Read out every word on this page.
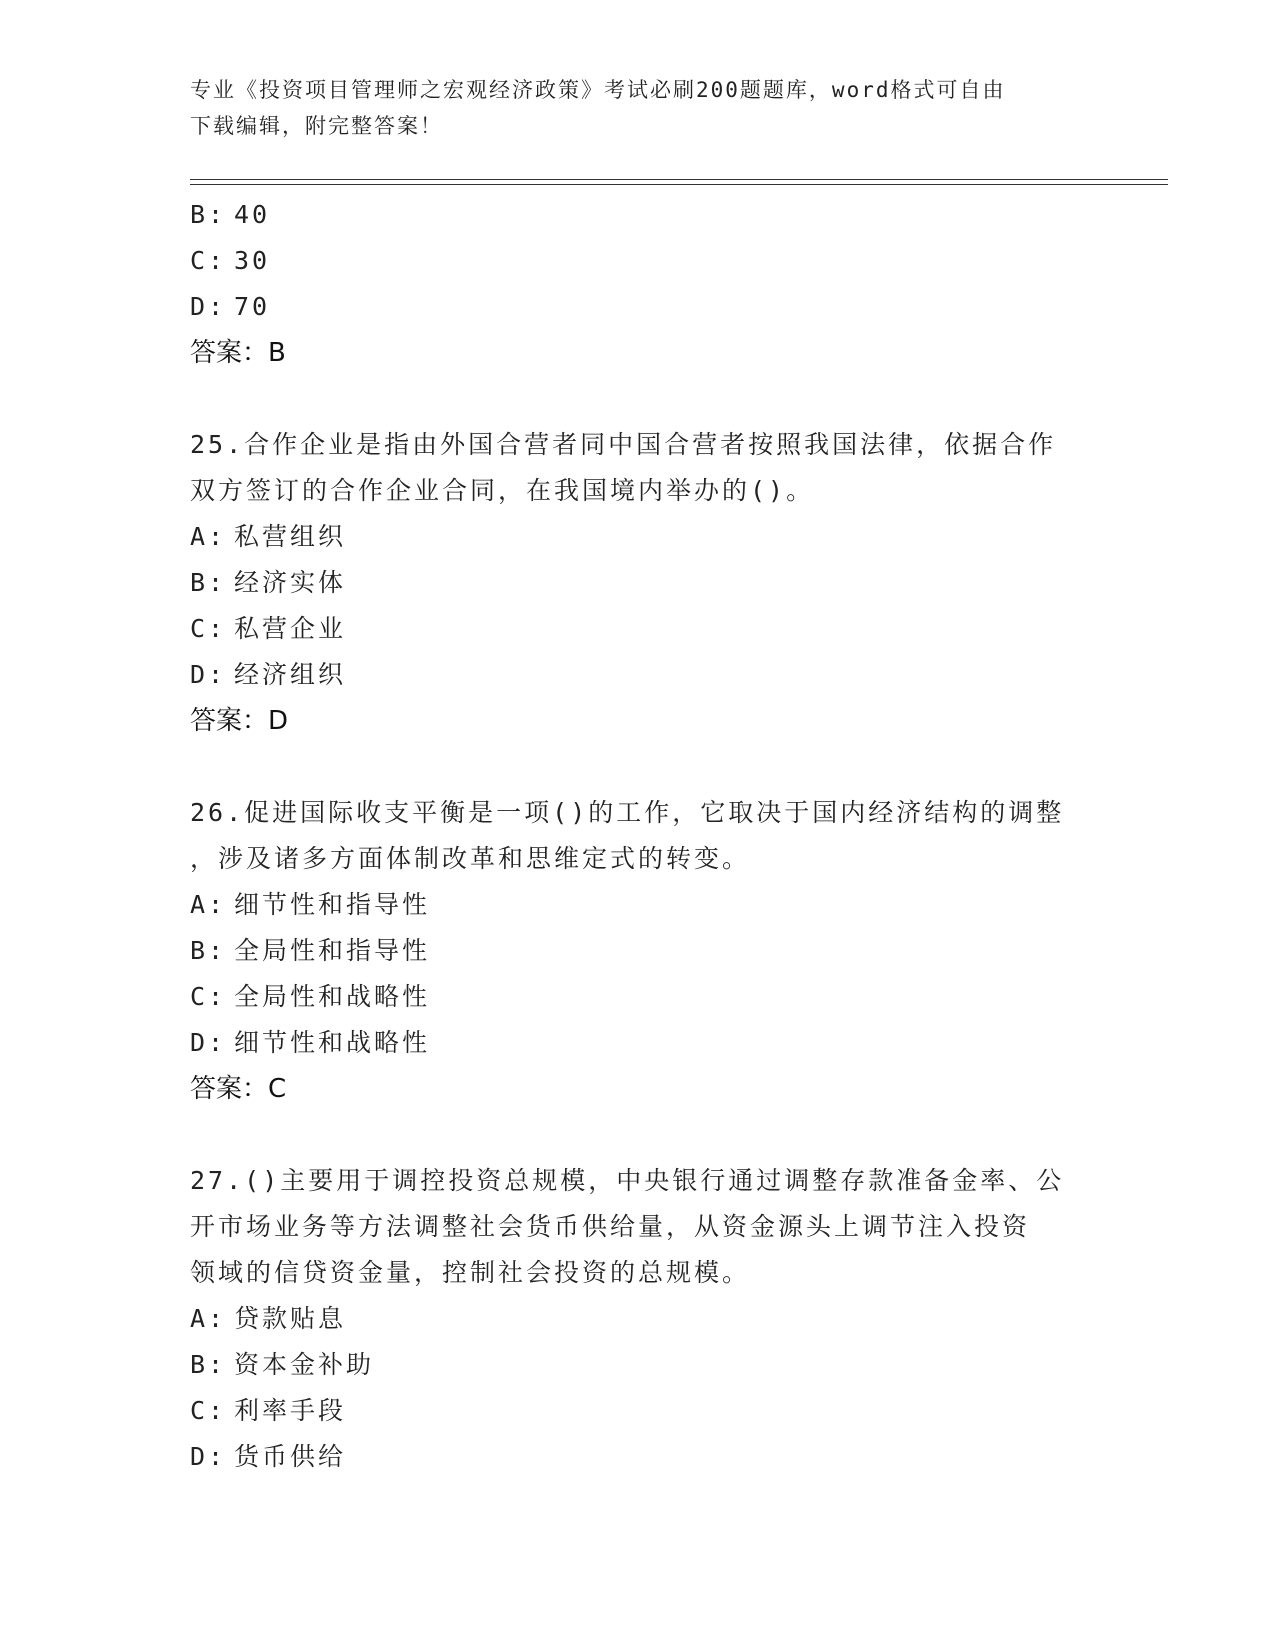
专业《投资项目管理师之宏观经济政策》考试必刷200题题库，word格式可自由
下载编辑，附完整答案！
B: 40
C: 30
D: 70
答案：B
25.合作企业是指由外国合营者同中国合营者按照我国法律，依据合作
双方签订的合作企业合同，在我国境内举办的()。
A: 私营组织
B: 经济实体
C: 私营企业
D: 经济组织
答案：D
26.促进国际收支平衡是一项()的工作，它取决于国内经济结构的调整
，涉及诸多方面体制改革和思维定式的转变。
A: 细节性和指导性
B: 全局性和指导性
C: 全局性和战略性
D: 细节性和战略性
答案：C
27.()主要用于调控投资总规模，中央银行通过调整存款准备金率、公
开市场业务等方法调整社会货币供给量，从资金源头上调节注入投资
领域的信贷资金量，控制社会投资的总规模。
A: 贷款贴息
B: 资本金补助
C: 利率手段
D: 货币供给
